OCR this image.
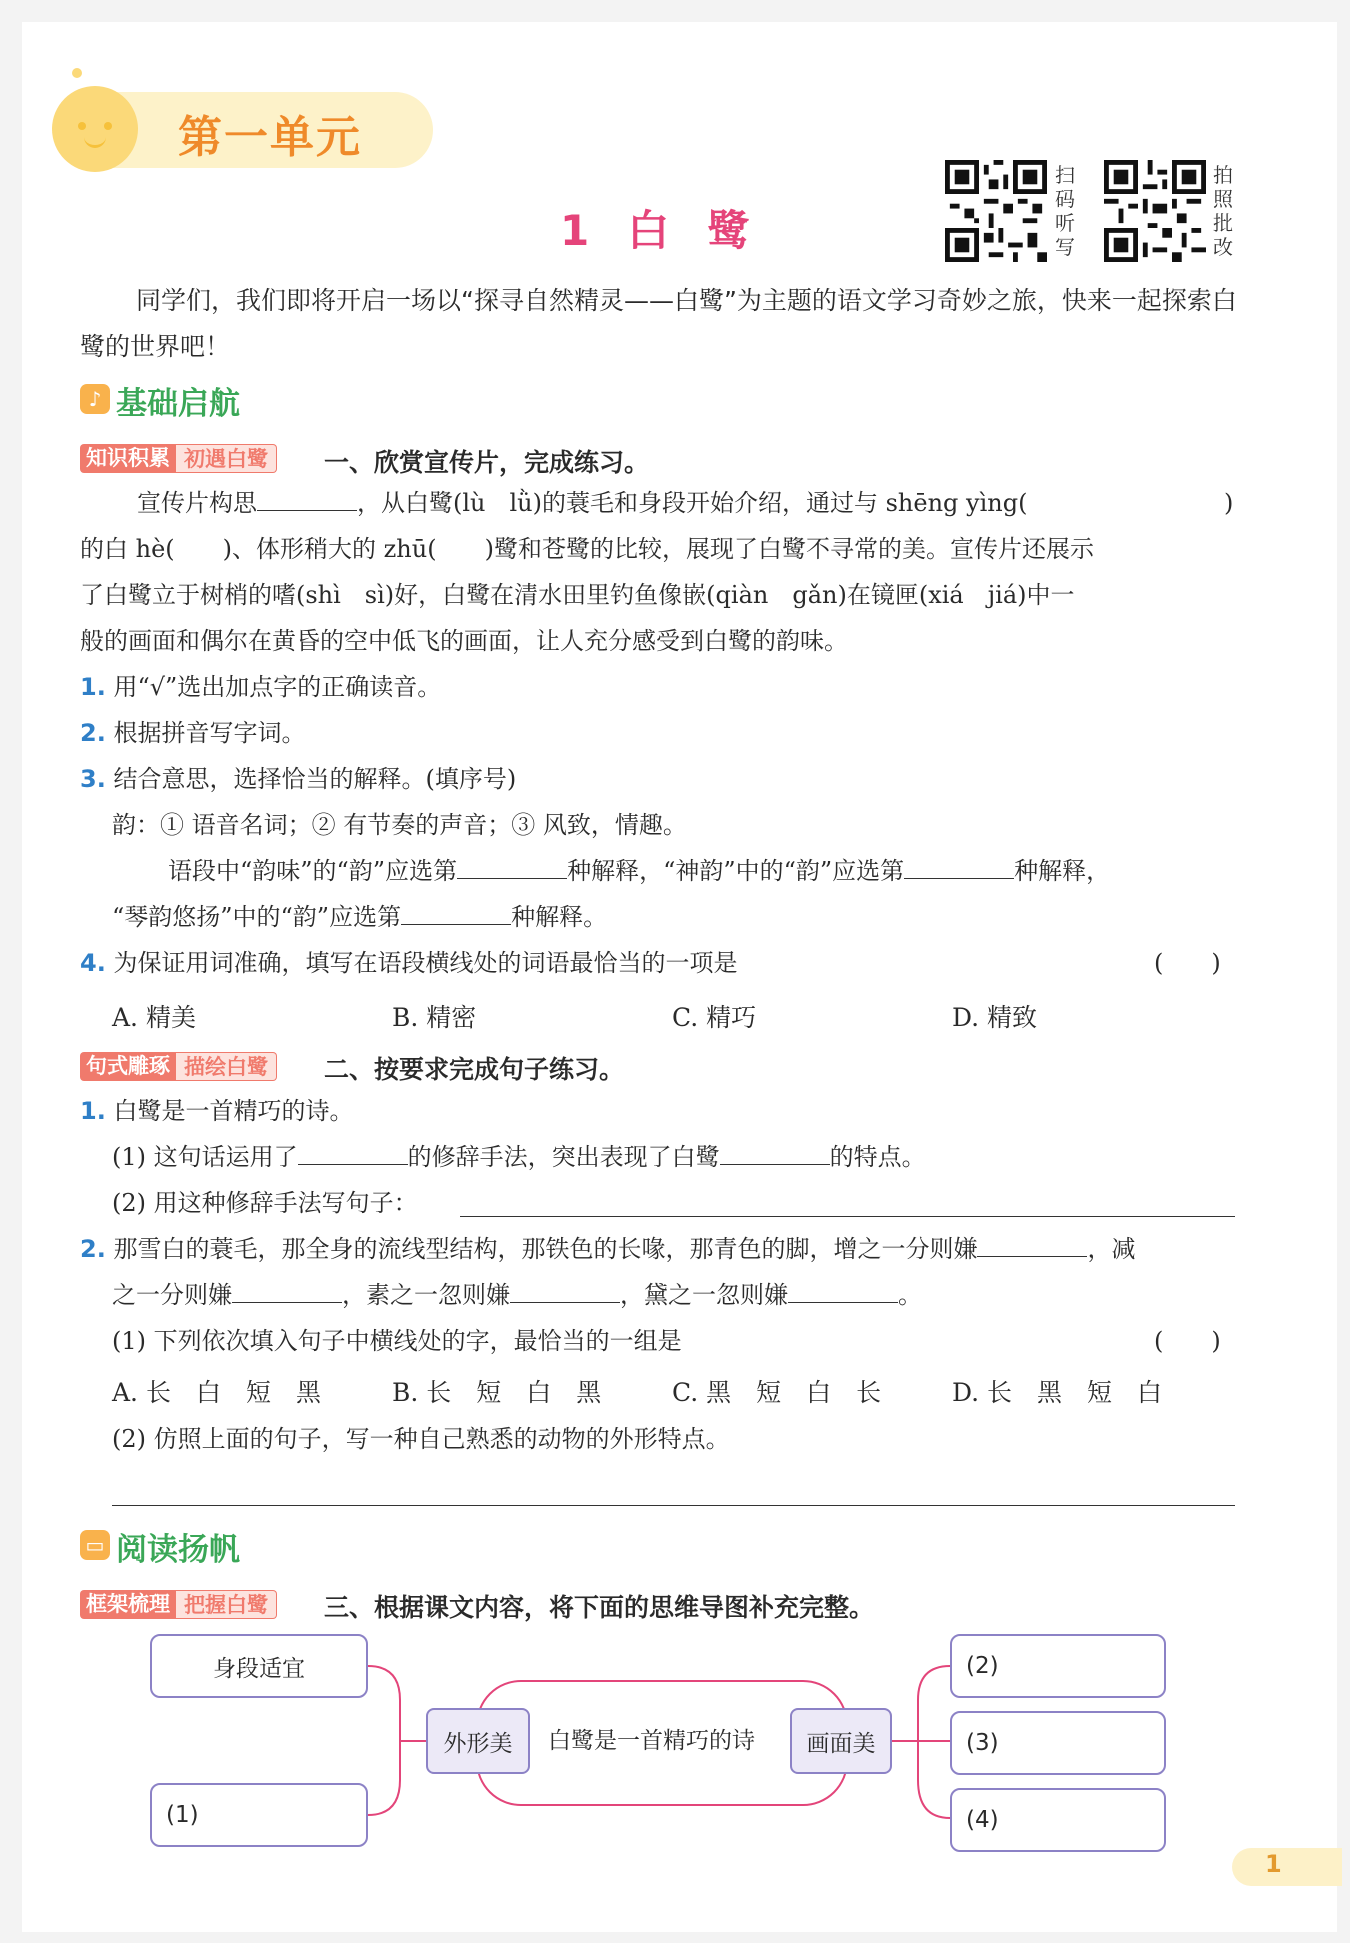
第一单元
1 白 鹭
扫码听写
拍照批改
同学们，我们即将开启一场以“探寻自然精灵——白鹭”为主题的语文学习奇妙之旅，快来一起探索白鹭的世界吧！
♪ 基础启航
知识积累 初遇白鹭	一、欣赏宣传片，完成练习。
宣传片构思	，从白鹭(lù　lǜ)的蓑毛和身段开始介绍，通过与 shēng yìng(	)
的白 hè( )、体形稍大的 zhū( )鹭和苍鹭的比较，展现了白鹭不寻常的美。宣传片还展示
了白鹭立于树梢的嗜(shì　sì)好，白鹭在清水田里钓鱼像嵌(qiàn　gǎn)在镜匣(xiá　jiá)中一
般的画面和偶尔在黄昏的空中低飞的画面，让人充分感受到白鹭的韵味。
1. 用“√”选出加点字的正确读音。
2. 根据拼音写字词。
3. 结合意思，选择恰当的解释。(填序号)
韵：① 语音名词；② 有节奏的声音；③ 风致，情趣。
语段中“韵味”的“韵”应选第	种解释，“神韵”中的“韵”应选第	种解释，
“琴韵悠扬”中的“韵”应选第	种解释。
4. 为保证用词准确，填写在语段横线处的词语最恰当的一项是	(　　)
A. 精美	B. 精密	C. 精巧	D. 精致
句式雕琢 描绘白鹭	二、按要求完成句子练习。
1. 白鹭是一首精巧的诗。
(1) 这句话运用了	的修辞手法，突出表现了白鹭	的特点。
(2) 用这种修辞手法写句子：
2. 那雪白的蓑毛，那全身的流线型结构，那铁色的长喙，那青色的脚，增之一分则嫌	，减
之一分则嫌	，素之一忽则嫌	，黛之一忽则嫌	。
(1) 下列依次填入句子中横线处的字，最恰当的一组是	(　　)
A. 长　白　短　黑	B. 长　短　白　黑	C. 黑　短　白　长	D. 长　黑　短　白
(2) 仿照上面的句子，写一种自己熟悉的动物的外形特点。
▭ 阅读扬帆
框架梳理 把握白鹭	三、根据课文内容，将下面的思维导图补充完整。
身段适宜
(1)
外形美	白鹭是一首精巧的诗	画面美
(2)
(3)
(4)
1
